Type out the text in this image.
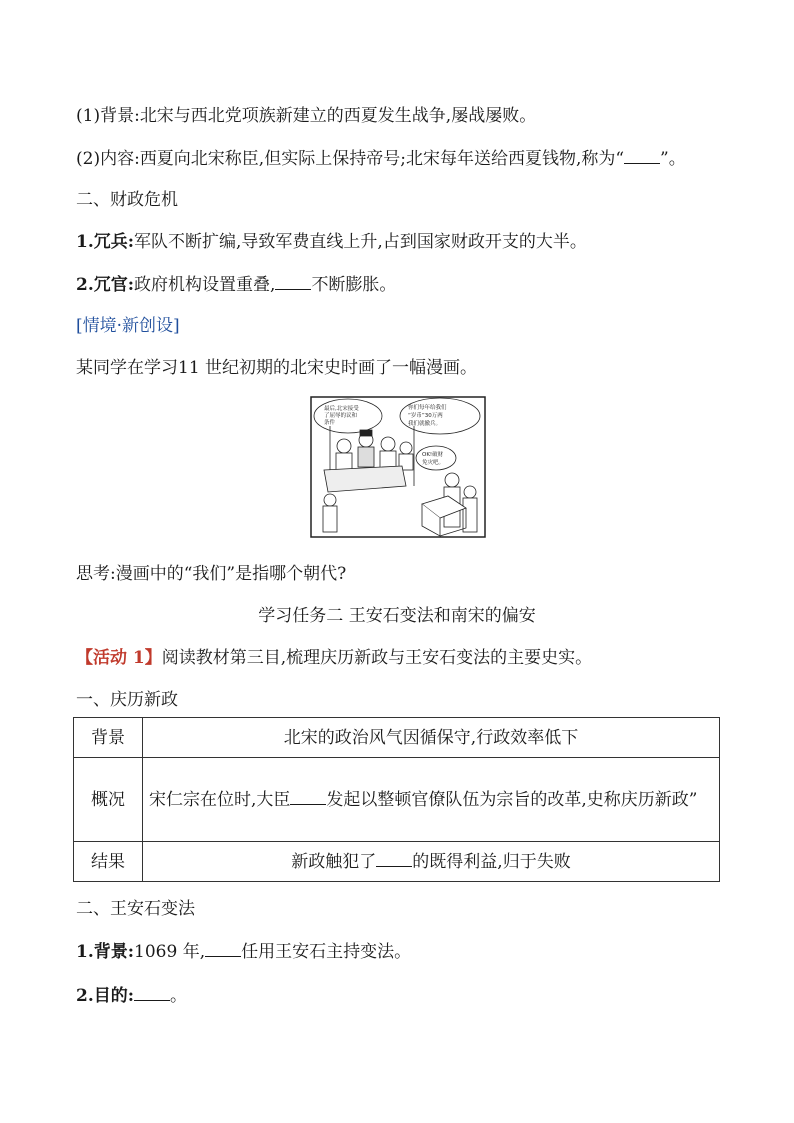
(1)背景:北宋与西北党项族新建立的西夏发生战争,屡战屡败。
(2)内容:西夏向北宋称臣,但实际上保持帝号;北宋每年送给西夏钱物,称为“ ”。
二、财政危机
1.冗兵:军队不断扩编,导致军费直线上升,占到国家财政开支的大半。
2.冗官:政府机构设置重叠, 不断膨胀。
[情境·新创设]
某同学在学习11 世纪初期的北宋史时画了一幅漫画。
最后,北宋接受 了屈辱的议和 条件
你们每年给我们 “岁币”30万两 我们就撤兵。
OK!破财 免灾吧。
思考:漫画中的“我们”是指哪个朝代?
学习任务二 王安石变法和南宋的偏安
【活动 1】阅读教材第三目,梳理庆历新政与王安石变法的主要史实。
一、庆历新政
背景	北宋的政治风气因循保守,行政效率低下
概况	宋仁宗在位时,大臣 发起以整顿官僚队伍为宗旨的改革,史称庆历新政”
结果	新政触犯了 的既得利益,归于失败
二、王安石变法
1.背景:1069 年, 任用王安石主持变法。
2.目的: 。
